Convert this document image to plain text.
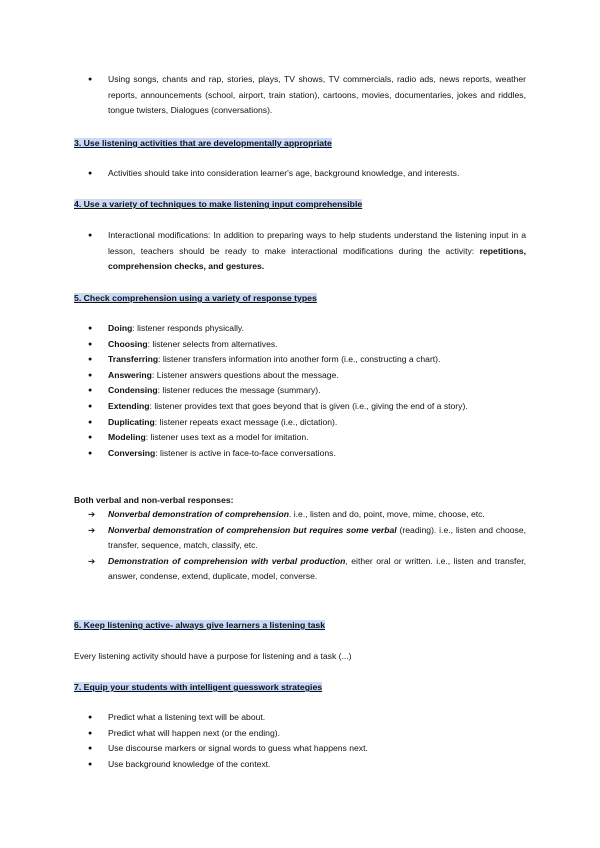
● Using songs, chants and rap, stories, plays, TV shows, TV commercials, radio ads, news reports, weather reports, announcements (school, airport, train station), cartoons, movies, documentaries, jokes and riddles, tongue twisters, Dialogues (conversations).
3. Use listening activities that are developmentally appropriate
● Activities should take into consideration learner's age, background knowledge, and interests.
4. Use a variety of techniques to make listening input comprehensible
● Interactional modifications: In addition to preparing ways to help students understand the listening input in a lesson, teachers should be ready to make interactional modifications during the activity: repetitions, comprehension checks, and gestures.
5. Check comprehension using a variety of response types
● Doing: listener responds physically.
● Choosing: listener selects from alternatives.
● Transferring: listener transfers information into another form (i.e., constructing a chart).
● Answering: Listener answers questions about the message.
● Condensing: listener reduces the message (summary).
● Extending: listener provides text that goes beyond that is given (i.e., giving the end of a story).
● Duplicating: listener repeats exact message (i.e., dictation).
● Modeling: listener uses text as a model for imitation.
● Conversing: listener is active in face-to-face conversations.
Both verbal and non-verbal responses:
➔ Nonverbal demonstration of comprehension. i.e., listen and do, point, move, mime, choose, etc.
➔ Nonverbal demonstration of comprehension but requires some verbal (reading). i.e., listen and choose, transfer, sequence, match, classify, etc.
➔ Demonstration of comprehension with verbal production, either oral or written. i.e., listen and transfer, answer, condense, extend, duplicate, model, converse.
6. Keep listening active- always give learners a listening task
Every listening activity should have a purpose for listening and a task (...)
7. Equip your students with intelligent guesswork strategies
● Predict what a listening text will be about.
● Predict what will happen next (or the ending).
● Use discourse markers or signal words to guess what happens next.
● Use background knowledge of the context.
